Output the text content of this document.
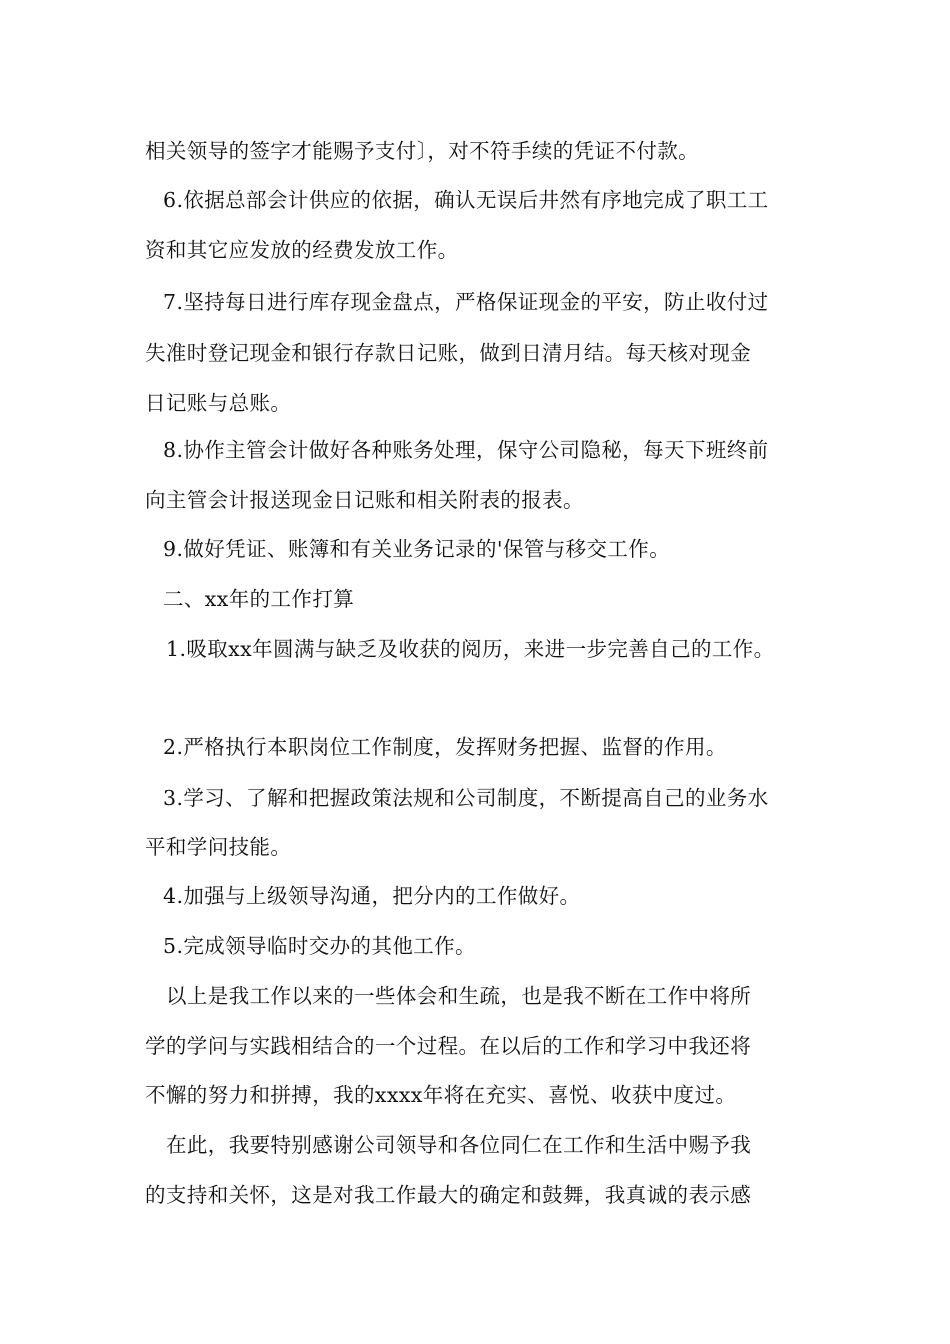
相关领导的签字才能赐予支付〕，对不符手续的凭证不付款。
6.依据总部会计供应的依据，确认无误后井然有序地完成了职工工
资和其它应发放的经费发放工作。
7.坚持每日进行库存现金盘点，严格保证现金的平安，防止收付过
失准时登记现金和银行存款日记账，做到日清月结。每天核对现金
日记账与总账。
8.协作主管会计做好各种账务处理，保守公司隐秘，每天下班终前
向主管会计报送现金日记账和相关附表的报表。
9.做好凭证、账簿和有关业务记录的'保管与移交工作。
二、xx年的工作打算
1.吸取xx年圆满与缺乏及收获的阅历，来进一步完善自己的工作。
2.严格执行本职岗位工作制度，发挥财务把握、监督的作用。
3.学习、了解和把握政策法规和公司制度，不断提高自己的业务水
平和学问技能。
4.加强与上级领导沟通，把分内的工作做好。
5.完成领导临时交办的其他工作。
以上是我工作以来的一些体会和生疏，也是我不断在工作中将所
学的学问与实践相结合的一个过程。在以后的工作和学习中我还将
不懈的努力和拼搏，我的xxxx年将在充实、喜悦、收获中度过。
在此，我要特别感谢公司领导和各位同仁在工作和生活中赐予我
的支持和关怀，这是对我工作最大的确定和鼓舞，我真诚的表示感
